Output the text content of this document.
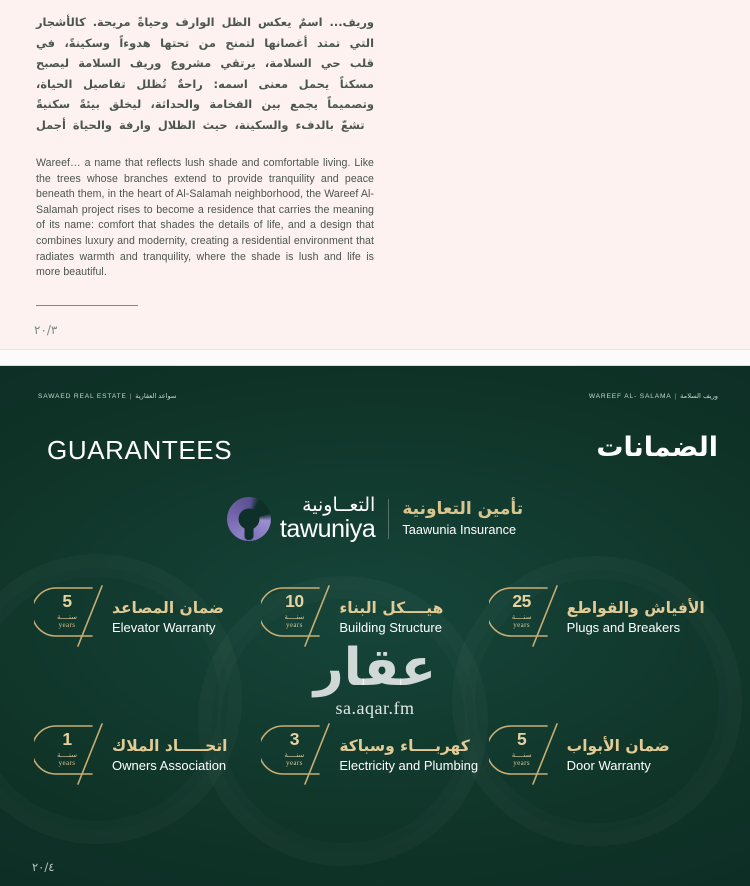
وريف... اسمٌ يعكس الظل الوارف وحياةً مريحة. كالأشجار التي تمتد أغصانها لتمنح من تحتها هدوءاً وسكينةً، في قلب حي السلامة، يرتقي مشروع وريف السلامة ليصبح مسكناً يحمل معنى اسمه: راحةٌ تُظلل تفاصيل الحياة، وتصميماً يجمع بين الفخامة والحداثة، ليخلق بيئةً سكنيةً تشعّ بالدفء والسكينة، حيث الظلال وارفة والحياة أجمل

Wareef… a name that reflects lush shade and comfortable living. Like the trees whose branches extend to provide tranquility and peace beneath them, in the heart of Al-Salamah neighborhood, the Wareef Al-Salamah project rises to become a residence that carries the meaning of its name: comfort that shades the details of life, and a design that combines luxury and modernity, creating a residential environment that radiates warmth and tranquility, where the shade is lush and life is more beautiful.

٢٠/٣
SAWAED REAL ESTATE | سواعد العقارية	WAREEF AL- SALAMA | وريف السلامة
GUARANTEES	الضمانات
التعــاونية
tawuniya
تأمين التعاونية
Taawunia Insurance
5
سنــــة
years
ضمان المصاعد
Elevator Warranty
10
سنــــة
years
هيــــكل البناء
Building Structure
25
سنــــة
years
الأفياش والقواطع
Plugs and Breakers
1
سنــــة
years
اتحـــــاد الملاك
Owners Association
3
سنــــة
years
كهربــــاء وسباكة
Electricity and Plumbing
5
سنــــة
years
ضمان الأبواب
Door Warranty
عقار
sa.aqar.fm
٢٠/٤
